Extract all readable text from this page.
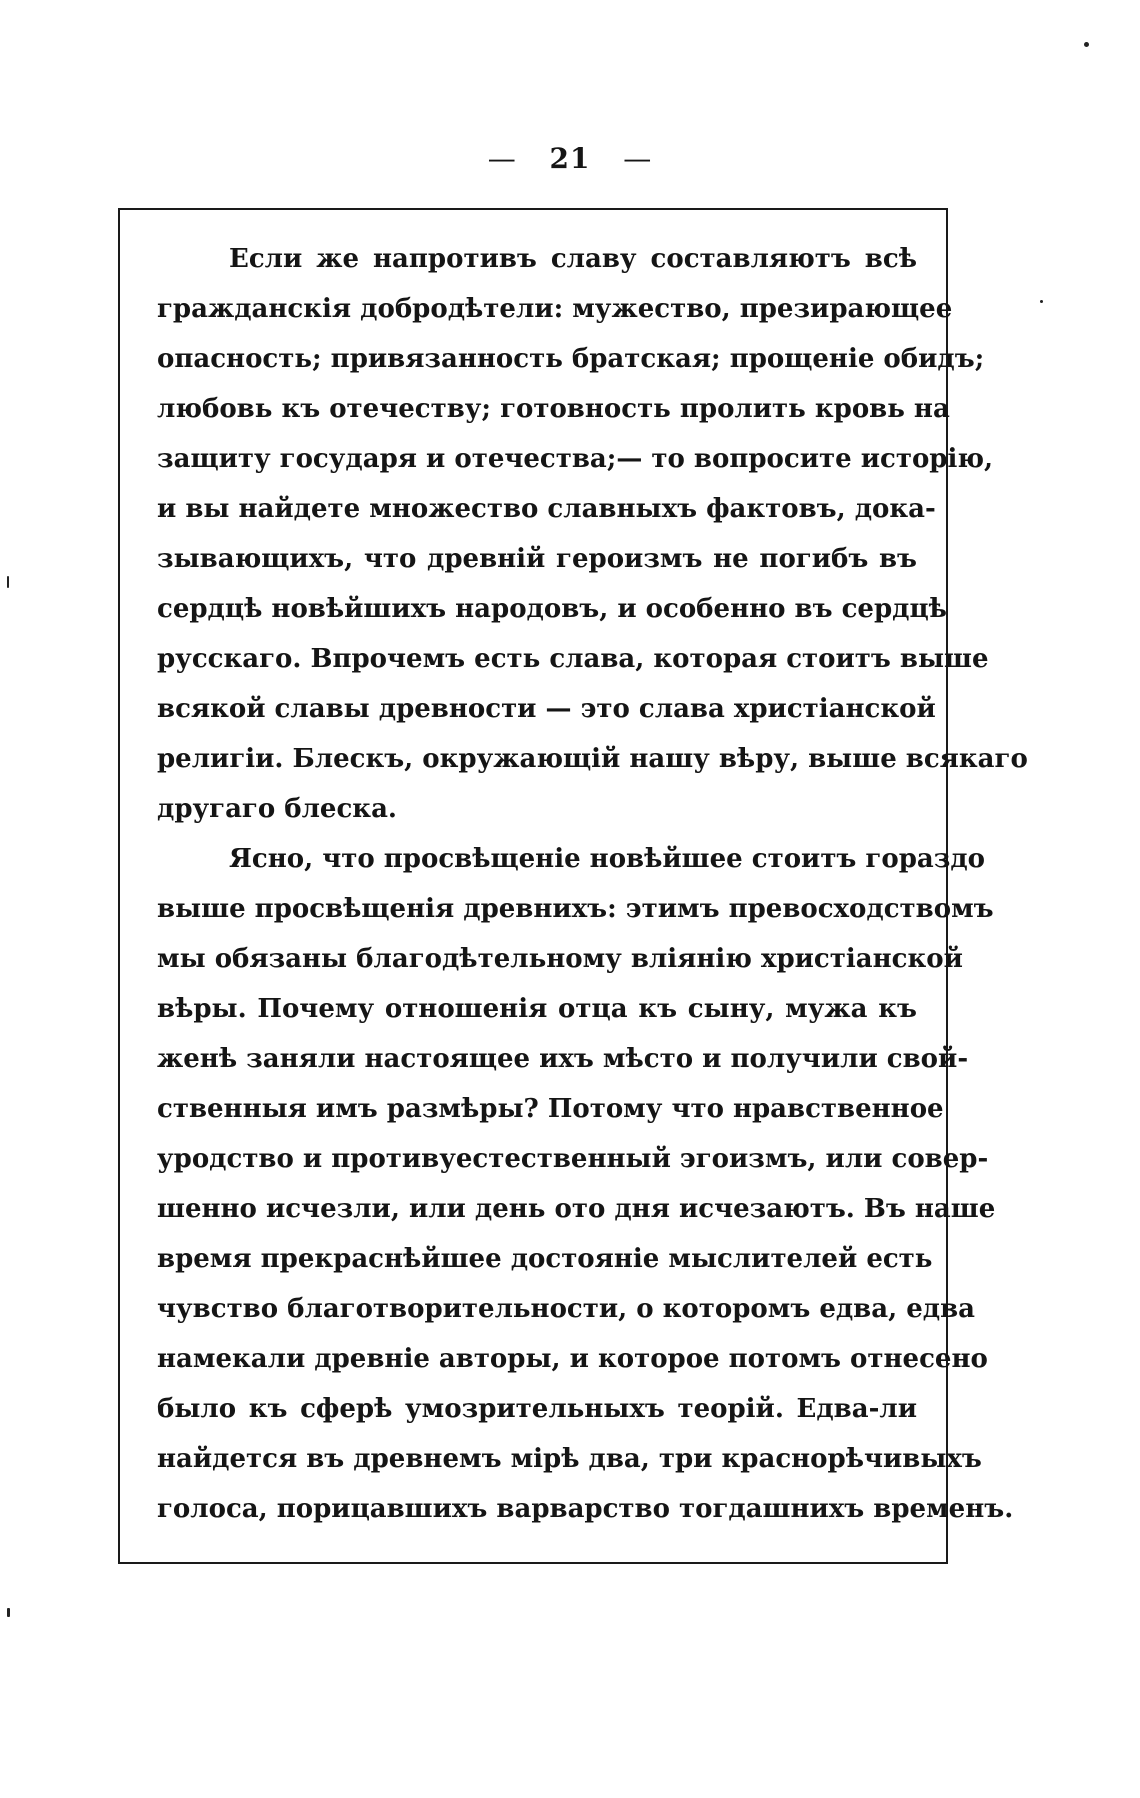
— 21 —
Если же напротивъ славу составляютъ всѣ
гражданскія добродѣтели: мужество, презирающее
опасность; привязанность братская; прощеніе обидъ;
любовь къ отечеству; готовность пролить кровь на
защиту государя и отечества;— то вопросите исторію,
и вы найдете множество славныхъ фактовъ, дока-
зывающихъ, что древній героизмъ не погибъ въ
сердцѣ новѣйшихъ народовъ, и особенно въ сердцѣ
русскаго. Впрочемъ есть слава, которая стоитъ выше
всякой славы древности — это слава христіанской
религіи. Блескъ, окружающій нашу вѣру, выше всякаго
другаго блеска.
Ясно, что просвѣщеніе новѣйшее стоитъ гораздо
выше просвѣщенія древнихъ: этимъ превосходствомъ
мы обязаны благодѣтельному вліянію христіанской
вѣры. Почему отношенія отца къ сыну, мужа къ
женѣ заняли настоящее ихъ мѣсто и получили свой-
ственныя имъ размѣры? Потому что нравственное
уродство и противуестественный эгоизмъ, или совер-
шенно исчезли, или день ото дня исчезаютъ. Въ наше
время прекраснѣйшее достояніе мыслителей есть
чувство благотворительности, о которомъ едва, едва
намекали древніе авторы, и которое потомъ отнесено
было къ сферѣ умозрительныхъ теорій. Едва-ли
найдется въ древнемъ мірѣ два, три краснорѣчивыхъ
голоса, порицавшихъ варварство тогдашнихъ временъ.
